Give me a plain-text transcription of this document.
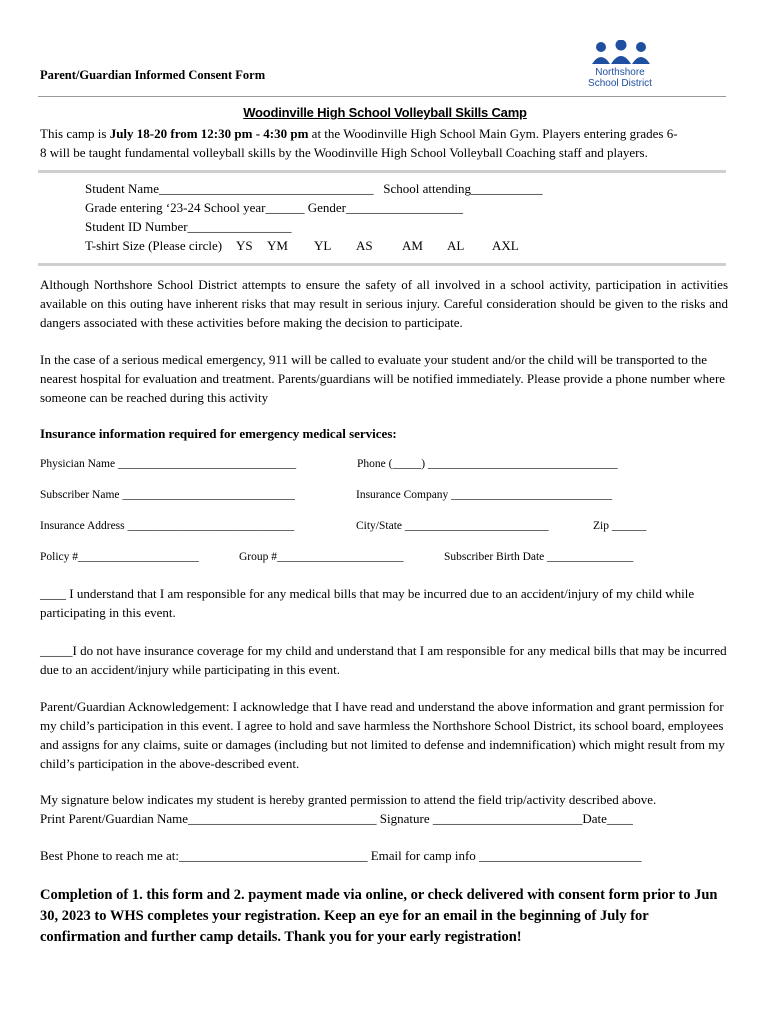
Parent/Guardian Informed Consent Form	Northshore
School District
Woodinville High School Volleyball Skills Camp
This camp is July 18-20 from 12:30 pm - 4:30 pm at the Woodinville High School Main Gym. Players entering grades 6-
8 will be taught fundamental volleyball skills by the Woodinville High School Volleyball Coaching staff and players.
Student Name_________________________________   School attending___________
Grade entering ‘23-24 School year______ Gender__________________
Student ID Number________________

T-shirt Size (Please circle)

YS

YM

YL

AS

AM

AL

AXL

Although Northshore School District attempts to ensure the safety of all involved in a school activity, participation in activities available on this outing have inherent risks that may result in serious injury. Careful consideration should be given to the risks and dangers associated with these activities before making the decision to participate.
In the case of a serious medical emergency, 911 will be called to evaluate your student and/or the child will be transported to the nearest hospital for evaluation and treatment. Parents/guardians will be notified immediately. Please provide a phone number where someone can be reached during this activity
Insurance information required for emergency medical services:
Physician Name _______________________________	Phone (_____) _________________________________
Subscriber Name ______________________________	Insurance Company ____________________________
Insurance Address _____________________________	City/State _________________________	Zip ______
Policy #_____________________	Group #______________________	Subscriber Birth Date _______________
____ I understand that I am responsible for any medical bills that may be incurred due to an accident/injury of my child while participating in this event.
_____I do not have insurance coverage for my child and understand that I am responsible for any medical bills that may be incurred due to an accident/injury while participating in this event.
Parent/Guardian Acknowledgement: I acknowledge that I have read and understand the above information and grant permission for my child’s participation in this event. I agree to hold and save harmless the Northshore School District, its school board, employees and assigns for any claims, suite or damages (including but not limited to defense and indemnification) which might result from my child’s participation in the above-described event.
My signature below indicates my student is hereby granted permission to attend the field trip/activity described above.
Print Parent/Guardian Name_____________________________ Signature _______________________Date____
Best Phone to reach me at:_____________________________ Email for camp info _________________________
Completion of 1. this form and 2. payment made via online, or check delivered with consent form prior to Jun 30, 2023 to WHS completes your registration. Keep an eye for an email in the beginning of July for confirmation and further camp details. Thank you for your early registration!
